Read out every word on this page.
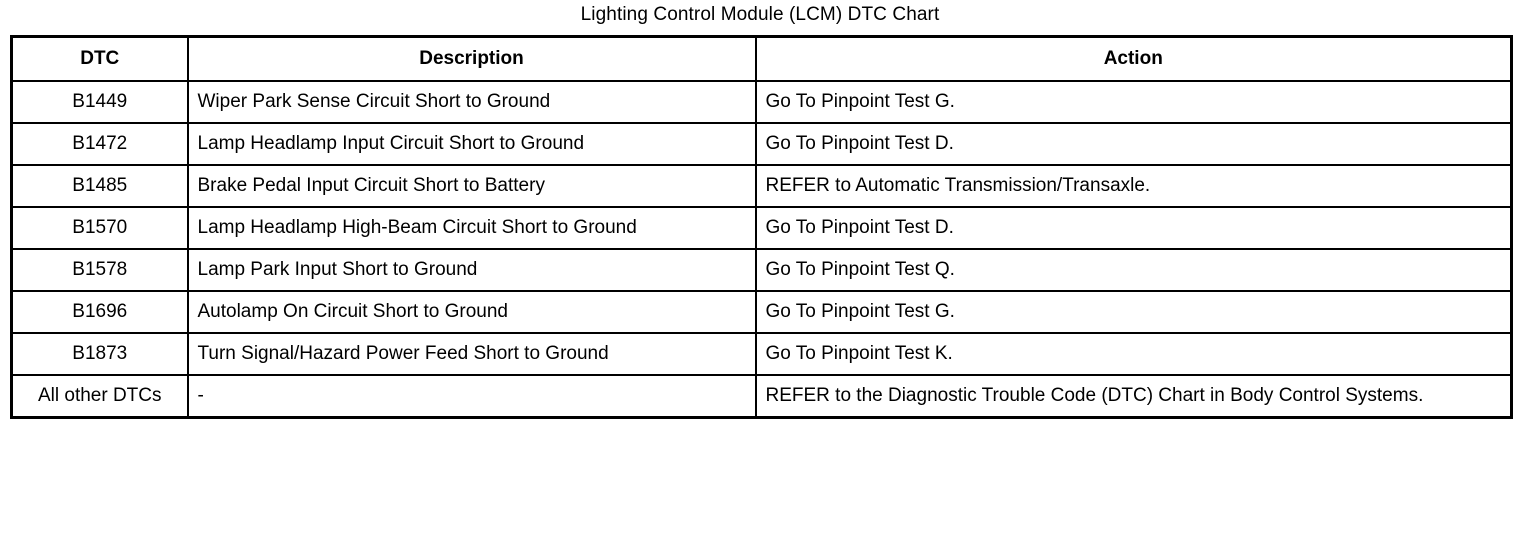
Lighting Control Module (LCM) DTC Chart
DTC	Description	Action
B1449	Wiper Park Sense Circuit Short to Ground	Go To Pinpoint Test G.
B1472	Lamp Headlamp Input Circuit Short to Ground	Go To Pinpoint Test D.
B1485	Brake Pedal Input Circuit Short to Battery	REFER to Automatic Transmission/Transaxle.
B1570	Lamp Headlamp High-Beam Circuit Short to Ground	Go To Pinpoint Test D.
B1578	Lamp Park Input Short to Ground	Go To Pinpoint Test Q.
B1696	Autolamp On Circuit Short to Ground	Go To Pinpoint Test G.
B1873	Turn Signal/Hazard Power Feed Short to Ground	Go To Pinpoint Test K.
All other DTCs	-	REFER to the Diagnostic Trouble Code (DTC) Chart in Body Control Systems.
